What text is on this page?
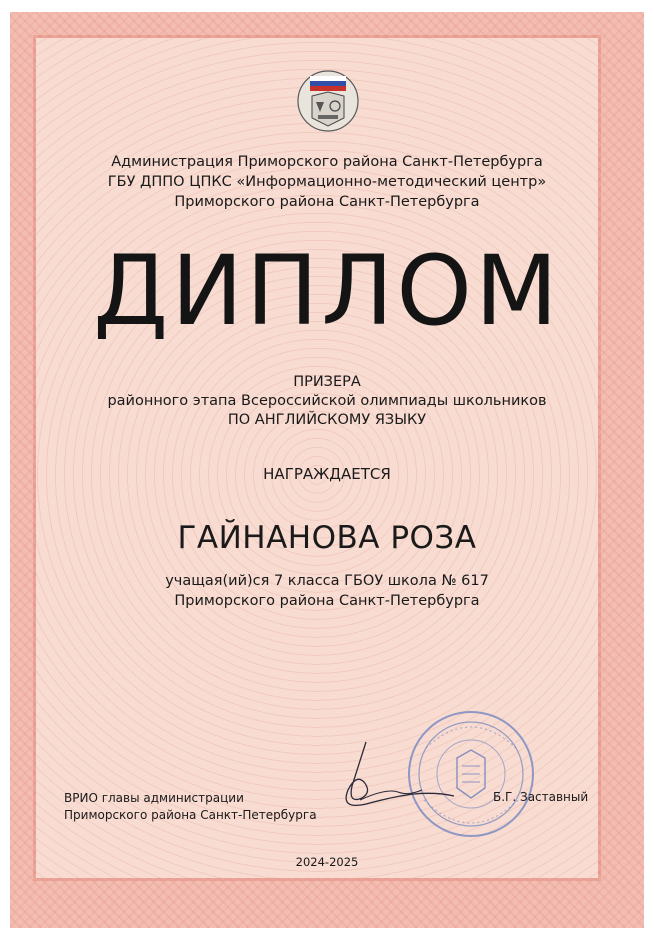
Администрация Приморского района Санкт-Петербурга
ГБУ ДППО ЦПКС «Информационно-методический центр»
Приморского района Санкт-Петербурга
ДИПЛОМ
ПРИЗЕРА
районного этапа Всероссийской олимпиады школьников
ПО АНГЛИЙСКОМУ ЯЗЫКУ
НАГРАЖДАЕТСЯ
ГАЙНАНОВА РОЗА
учащая(ий)ся 7 класса ГБОУ школа № 617
Приморского района Санкт-Петербурга
ВРИО главы администрации
Приморского района Санкт-Петербурга
Б.Г. Заставный
2024-2025
